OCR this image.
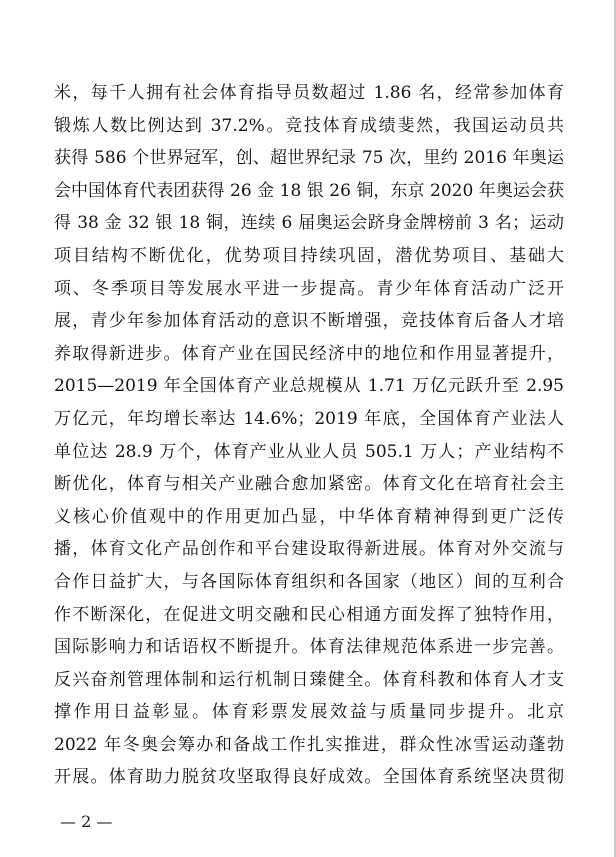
米，每千人拥有社会体育指导员数超过 1.86 名，经常参加体育
锻炼人数比例达到 37.2%。竞技体育成绩斐然，我国运动员共
获得 586 个世界冠军，创、超世界纪录 75 次，里约 2016 年奥运
会中国体育代表团获得 26 金 18 银 26 铜，东京 2020 年奥运会获
得 38 金 32 银 18 铜，连续 6 届奥运会跻身金牌榜前 3 名；运动
项目结构不断优化，优势项目持续巩固，潜优势项目、基础大
项、冬季项目等发展水平进一步提高。青少年体育活动广泛开
展，青少年参加体育活动的意识不断增强，竞技体育后备人才培
养取得新进步。体育产业在国民经济中的地位和作用显著提升，
2015—2019 年全国体育产业总规模从 1.71 万亿元跃升至 2.95
万亿元，年均增长率达 14.6%；2019 年底，全国体育产业法人
单位达 28.9 万个，体育产业从业人员 505.1 万人；产业结构不
断优化，体育与相关产业融合愈加紧密。体育文化在培育社会主
义核心价值观中的作用更加凸显，中华体育精神得到更广泛传
播，体育文化产品创作和平台建设取得新进展。体育对外交流与
合作日益扩大，与各国际体育组织和各国家（地区）间的互利合
作不断深化，在促进文明交融和民心相通方面发挥了独特作用，
国际影响力和话语权不断提升。体育法律规范体系进一步完善。
反兴奋剂管理体制和运行机制日臻健全。体育科教和体育人才支
撑作用日益彰显。体育彩票发展效益与质量同步提升。北京
2022 年冬奥会筹办和备战工作扎实推进，群众性冰雪运动蓬勃
开展。体育助力脱贫攻坚取得良好成效。全国体育系统坚决贯彻
— 2 —
